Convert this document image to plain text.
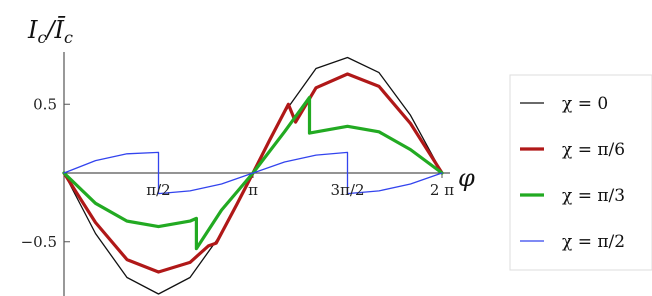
π/2	π	3π/2	2 π
0.5
−0.5
$I_c/Ī_c$
φ
χ = 0
χ = π/6
χ = π/3
χ = π/2
